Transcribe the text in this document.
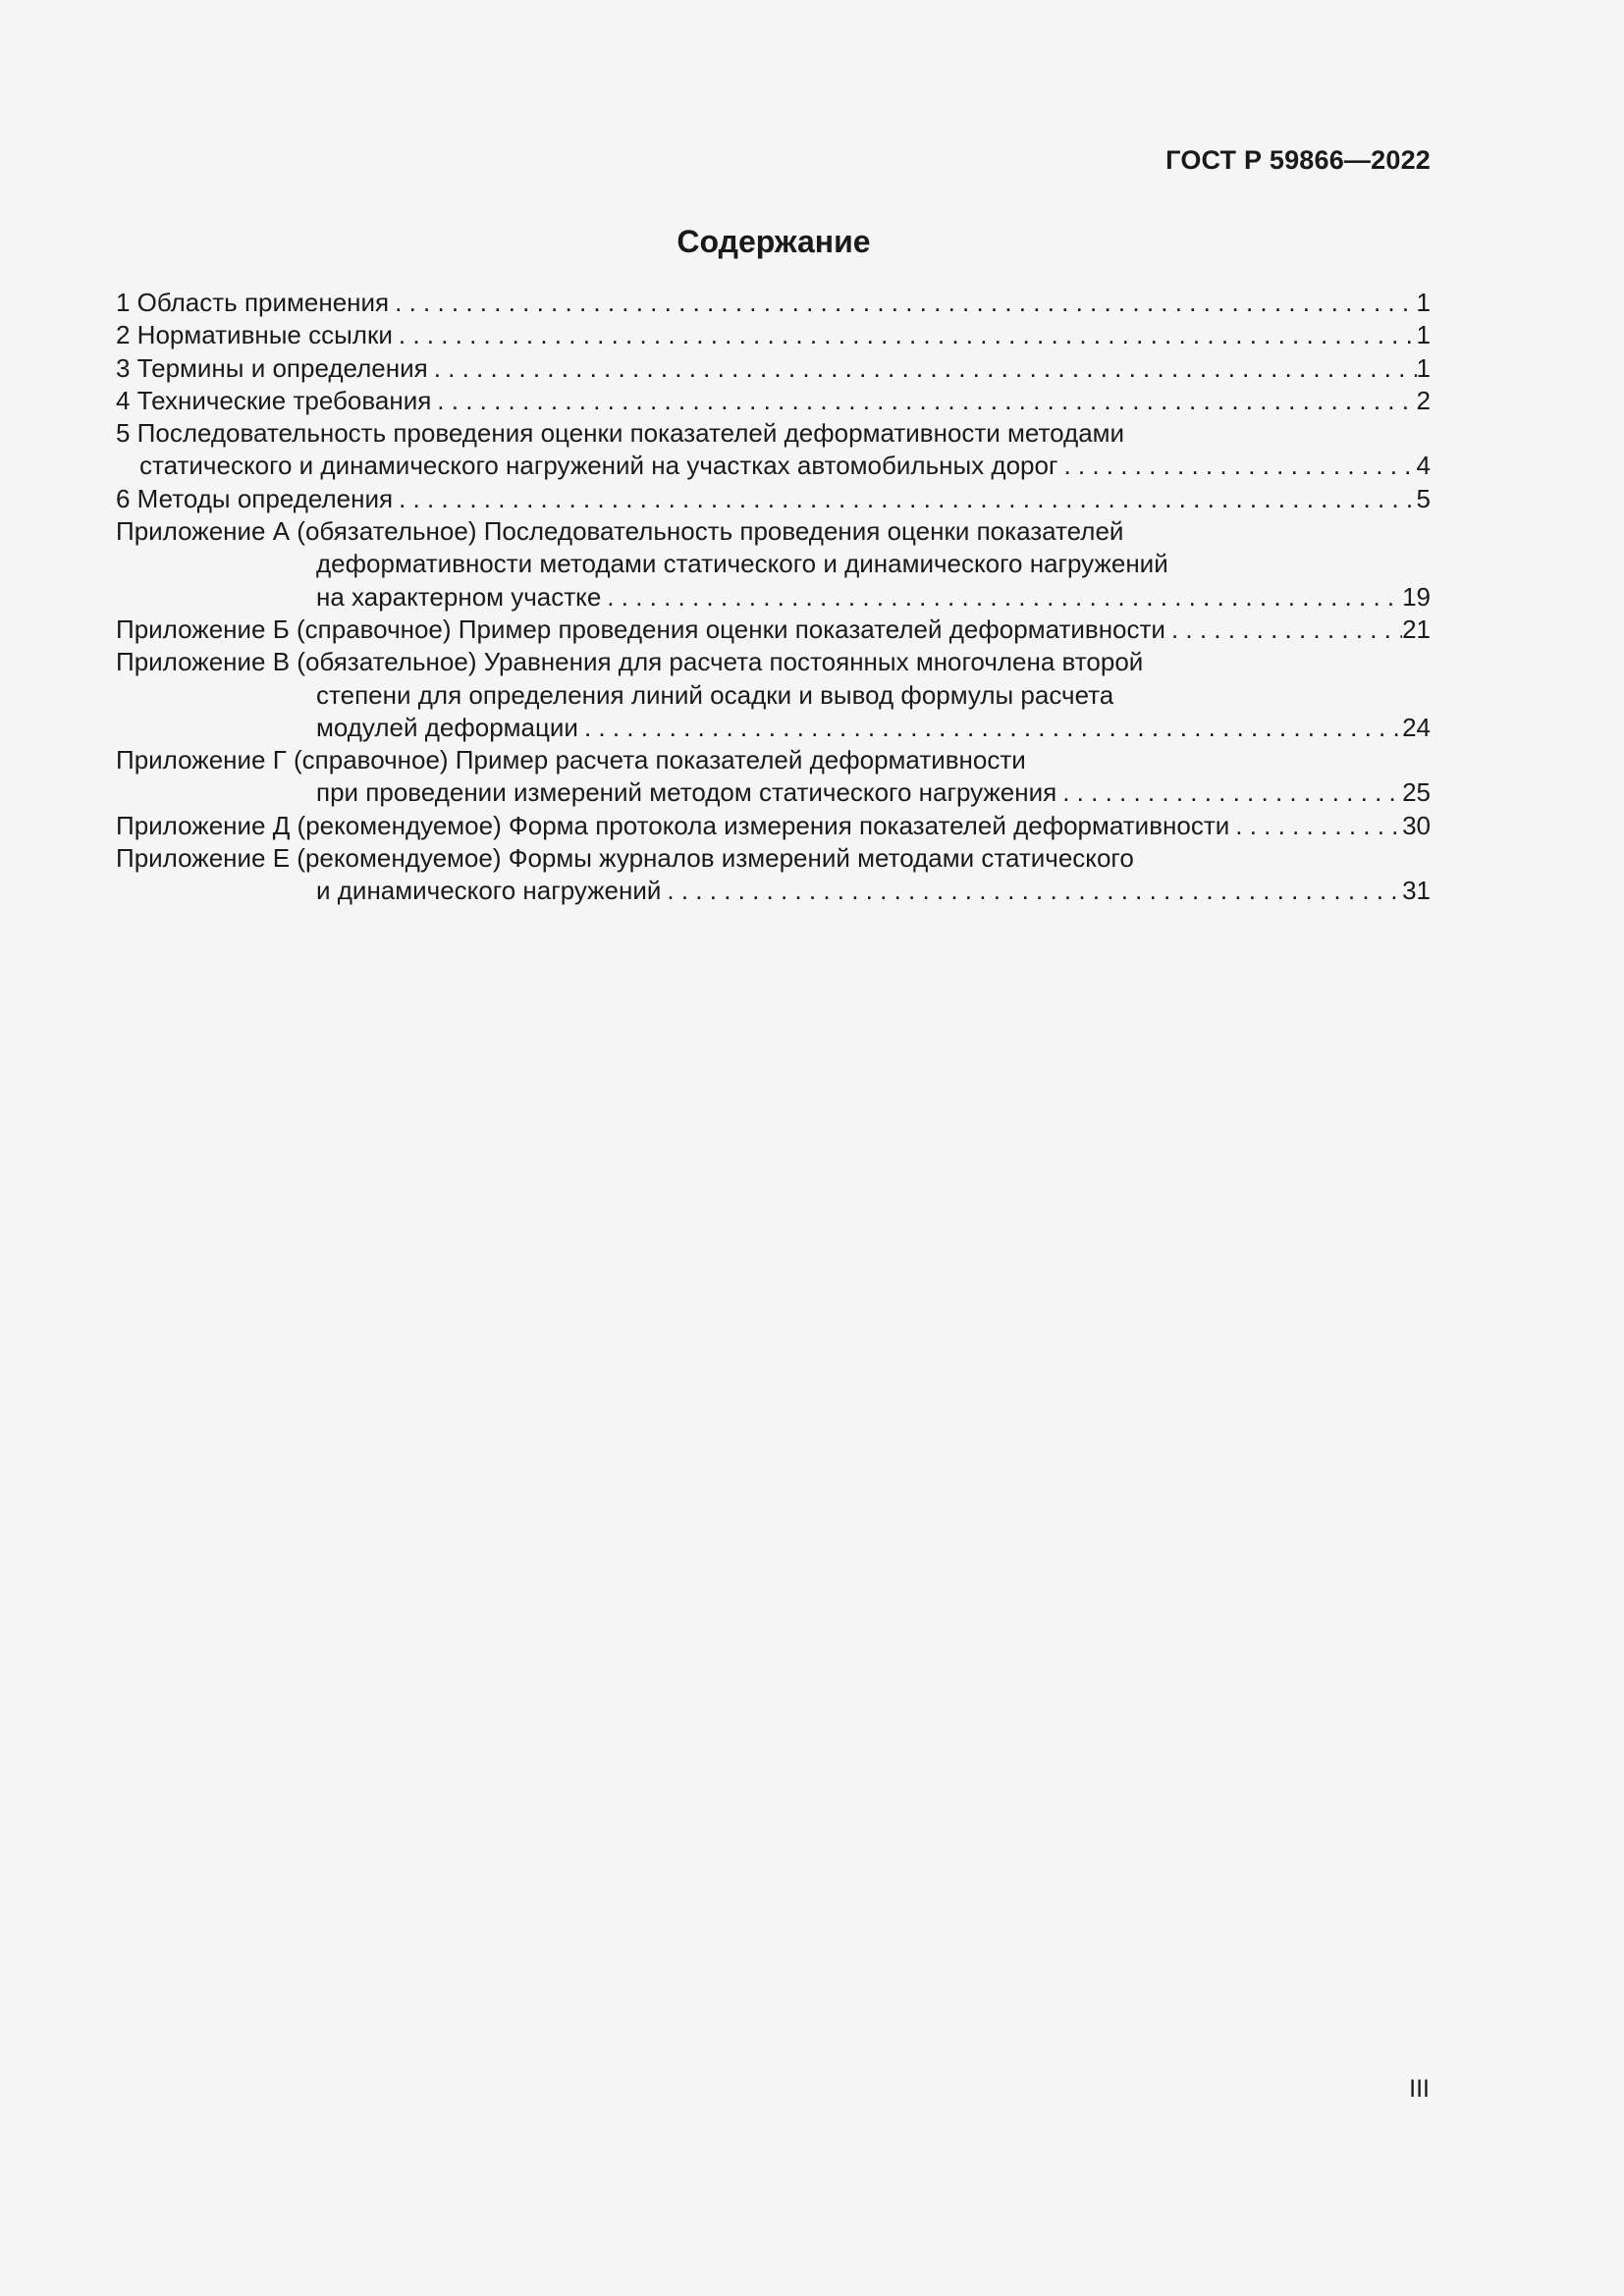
ГОСТ Р 59866—2022
Содержание
1 Область применения . . .	1
2 Нормативные ссылки . . .	1
3 Термины и определения . . .	1
4 Технические требования . . .	2
5 Последовательность проведения оценки показателей деформативности методами
статического и динамического нагружений на участках автомобильных дорог . . .	4
6 Методы определения . . .	5
Приложение А (обязательное) Последовательность проведения оценки показателей
деформативности методами статического и динамического нагружений
на характерном участке . . .	19
Приложение Б (справочное) Пример проведения оценки показателей деформативности . . .	21
Приложение В (обязательное) Уравнения для расчета постоянных многочлена второй
степени для определения линий осадки и вывод формулы расчета
модулей деформации . . .	24
Приложение Г (справочное) Пример расчета показателей деформативности
при проведении измерений методом статического нагружения . . .	25
Приложение Д (рекомендуемое) Форма протокола измерения показателей деформативности . . .	30
Приложение Е (рекомендуемое) Формы журналов измерений методами статического
и динамического нагружений . . .	31
III
